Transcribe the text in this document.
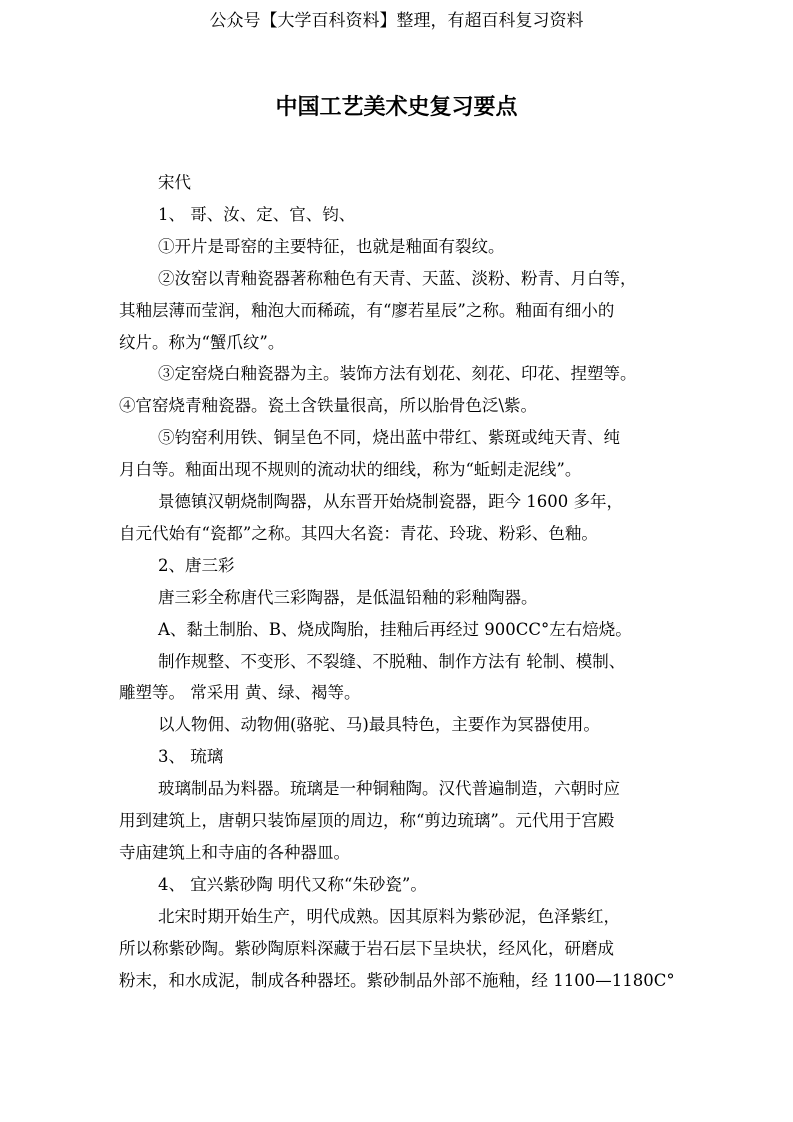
公众号【大学百科资料】整理，有超百科复习资料
中国工艺美术史复习要点
宋代
1、 哥、汝、定、官、钧、
①开片是哥窑的主要特征，也就是釉面有裂纹。
②汝窑以青釉瓷器著称釉色有天青、天蓝、淡粉、粉青、月白等，
其釉层薄而莹润，釉泡大而稀疏，有“廖若星辰”之称。釉面有细小的
纹片。称为“蟹爪纹”。
③定窑烧白釉瓷器为主。装饰方法有划花、刻花、印花、捏塑等。
④官窑烧青釉瓷器。瓷土含铁量很高，所以胎骨色泛\紫。
⑤钧窑利用铁、铜呈色不同，烧出蓝中带红、紫斑或纯天青、纯
月白等。釉面出现不规则的流动状的细线，称为“蚯蚓走泥线”。
景德镇汉朝烧制陶器，从东晋开始烧制瓷器，距今 1600 多年，
自元代始有“瓷都”之称。其四大名瓷：青花、玲珑、粉彩、色釉。
2、唐三彩
唐三彩全称唐代三彩陶器，是低温铅釉的彩釉陶器。
A、黏土制胎、B、烧成陶胎，挂釉后再经过 900CC°左右焙烧。
制作规整、不变形、不裂缝、不脱釉、制作方法有 轮制、模制、
雕塑等。 常采用 黄、绿、褐等。
以人物佣、动物佣(骆驼、马)最具特色，主要作为冥器使用。
3、 琉璃
玻璃制品为料器。琉璃是一种铜釉陶。汉代普遍制造，六朝时应
用到建筑上，唐朝只装饰屋顶的周边，称“剪边琉璃”。元代用于宫殿
寺庙建筑上和寺庙的各种器皿。
4、 宜兴紫砂陶 明代又称“朱砂瓷”。
北宋时期开始生产，明代成熟。因其原料为紫砂泥，色泽紫红，
所以称紫砂陶。紫砂陶原料深藏于岩石层下呈块状，经风化，研磨成
粉末，和水成泥，制成各种器坯。紫砂制品外部不施釉，经 1100—1180C°
